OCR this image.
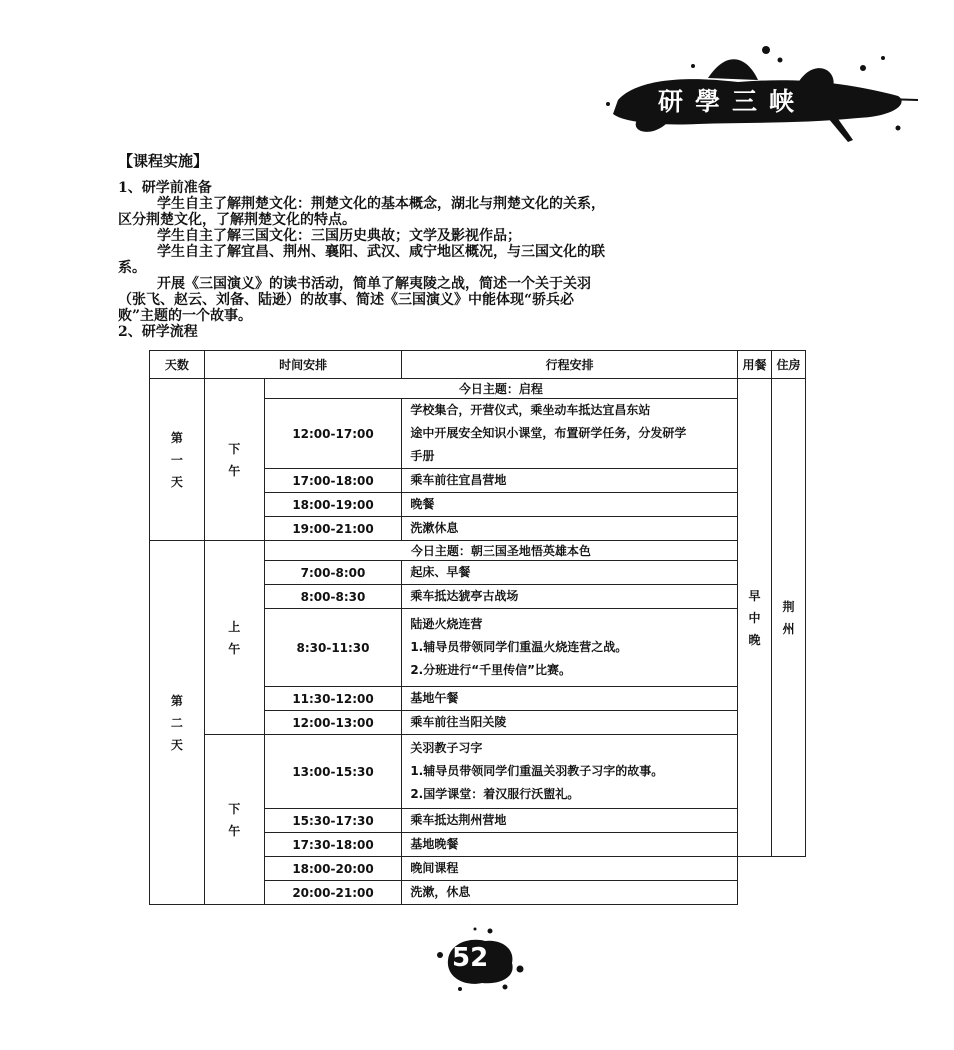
研學三峡
【课程实施】
1、研学前准备
学生自主了解荆楚文化：荆楚文化的基本概念，湖北与荆楚文化的关系，
区分荆楚文化，了解荆楚文化的特点。
学生自主了解三国文化：三国历史典故；文学及影视作品；
学生自主了解宜昌、荆州、襄阳、武汉、咸宁地区概况，与三国文化的联
系。
开展《三国演义》的读书活动，简单了解夷陵之战，简述一个关于关羽
（张飞、赵云、刘备、陆逊）的故事、简述《三国演义》中能体现“骄兵必
败”主题的一个故事。
2、研学流程
天数	时间安排		行程安排	用餐	住房

第一天	下午	今日主题：启程		早中晚	荆州

		12:00-17:00	学校集合，开营仪式，乘坐动车抵达宜昌东站		

			途中开展安全知识小课堂，布置研学任务，分发研学
手册		

		17:00-18:00	乘车前往宜昌营地		
		18:00-19:00	晚餐		
		19:00-21:00	洗漱休息		

第二天	上午	今日主题：朝三国圣地悟英雄本色			
		7:00-8:00	起床、早餐		
		8:00-8:30	乘车抵达猇亭古战场		
		8:30-11:30	陆逊火烧连营
1.辅导员带领同学们重温火烧连营之战。
2.分班进行“千里传信”比赛。		

		11:30-12:00	基地午餐		
		12:00-13:00	乘车前往当阳关陵		

	下午	13:00-15:30	关羽教子习字
1.辅导员带领同学们重温关羽教子习字的故事。
2.国学课堂：着汉服行沃盥礼。		

		15:30-17:30	乘车抵达荆州营地		
		17:30-18:00	基地晚餐		
		18:00-20:00	晚间课程		
		20:00-21:00	洗漱，休息		
52
